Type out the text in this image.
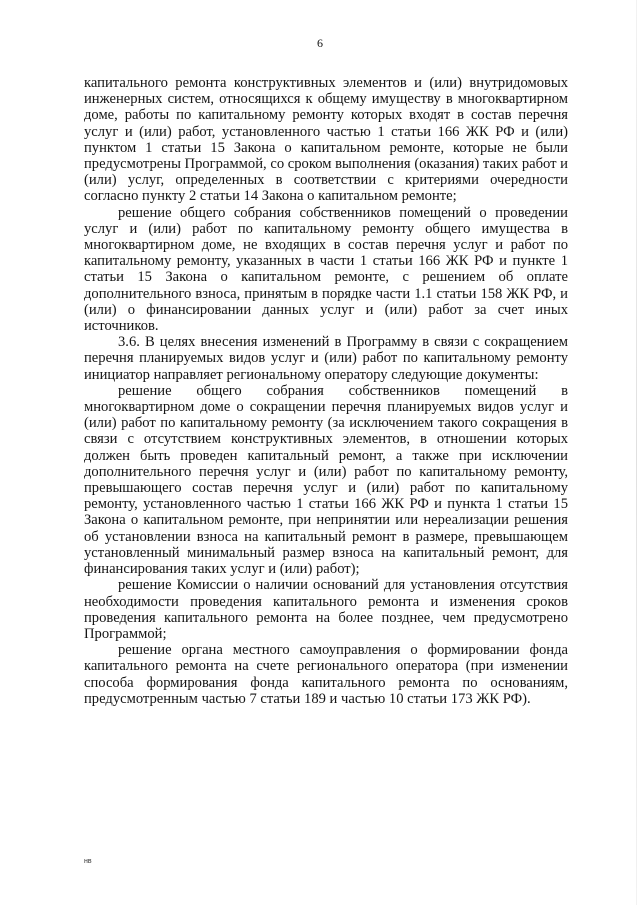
6

капитального ремонта конструктивных элементов и (или) внутридомовых инженерных систем, относящихся к общему имуществу в многоквартирном доме, работы по капитальному ремонту которых входят в состав перечня услуг и (или) работ, установленного частью 1 статьи 166 ЖК РФ и (или) пунктом 1 статьи 15 Закона о капитальном ремонте, которые не были предусмотрены Программой, со сроком выполнения (оказания) таких работ и (или) услуг, определенных в соответствии с критериями очередности согласно пункту 2 статьи 14 Закона о капитальном ремонте;

решение общего собрания собственников помещений о проведении услуг и (или) работ по капитальному ремонту общего имущества в многоквартирном доме, не входящих в состав перечня услуг и работ по капитальному ремонту, указанных в части 1 статьи 166 ЖК РФ и пункте 1 статьи 15 Закона о капитальном ремонте, с решением об оплате дополнительного взноса, принятым в порядке части 1.1 статьи 158 ЖК РФ, и (или) о финансировании данных услуг и (или) работ за счет иных источников.

3.6. В целях внесения изменений в Программу в связи с сокращением перечня планируемых видов услуг и (или) работ по капитальному ремонту инициатор направляет региональному оператору следующие документы:

решение общего собрания собственников помещений в многоквартирном доме о сокращении перечня планируемых видов услуг и (или) работ по капитальному ремонту (за исключением такого сокращения в связи с отсутствием конструктивных элементов, в отношении которых должен быть проведен капитальный ремонт, а также при исключении дополнительного перечня услуг и (или) работ по капитальному ремонту, превышающего состав перечня услуг и (или) работ по капитальному ремонту, установленного частью 1 статьи 166 ЖК РФ и пункта 1 статьи 15 Закона о капитальном ремонте, при непринятии или нереализации решения об установлении взноса на капитальный ремонт в размере, превышающем установленный минимальный размер взноса на капитальный ремонт, для финансирования таких услуг и (или) работ);

решение Комиссии о наличии оснований для установления отсутствия необходимости проведения капитального ремонта и изменения сроков проведения капитального ремонта на более позднее, чем предусмотрено Программой;

решение органа местного самоуправления о формировании фонда капитального ремонта на счете регионального оператора (при изменении способа формирования фонда капитального ремонта по основаниям, предусмотренным частью 7 статьи 189 и частью 10 статьи 173 ЖК РФ).

нв
